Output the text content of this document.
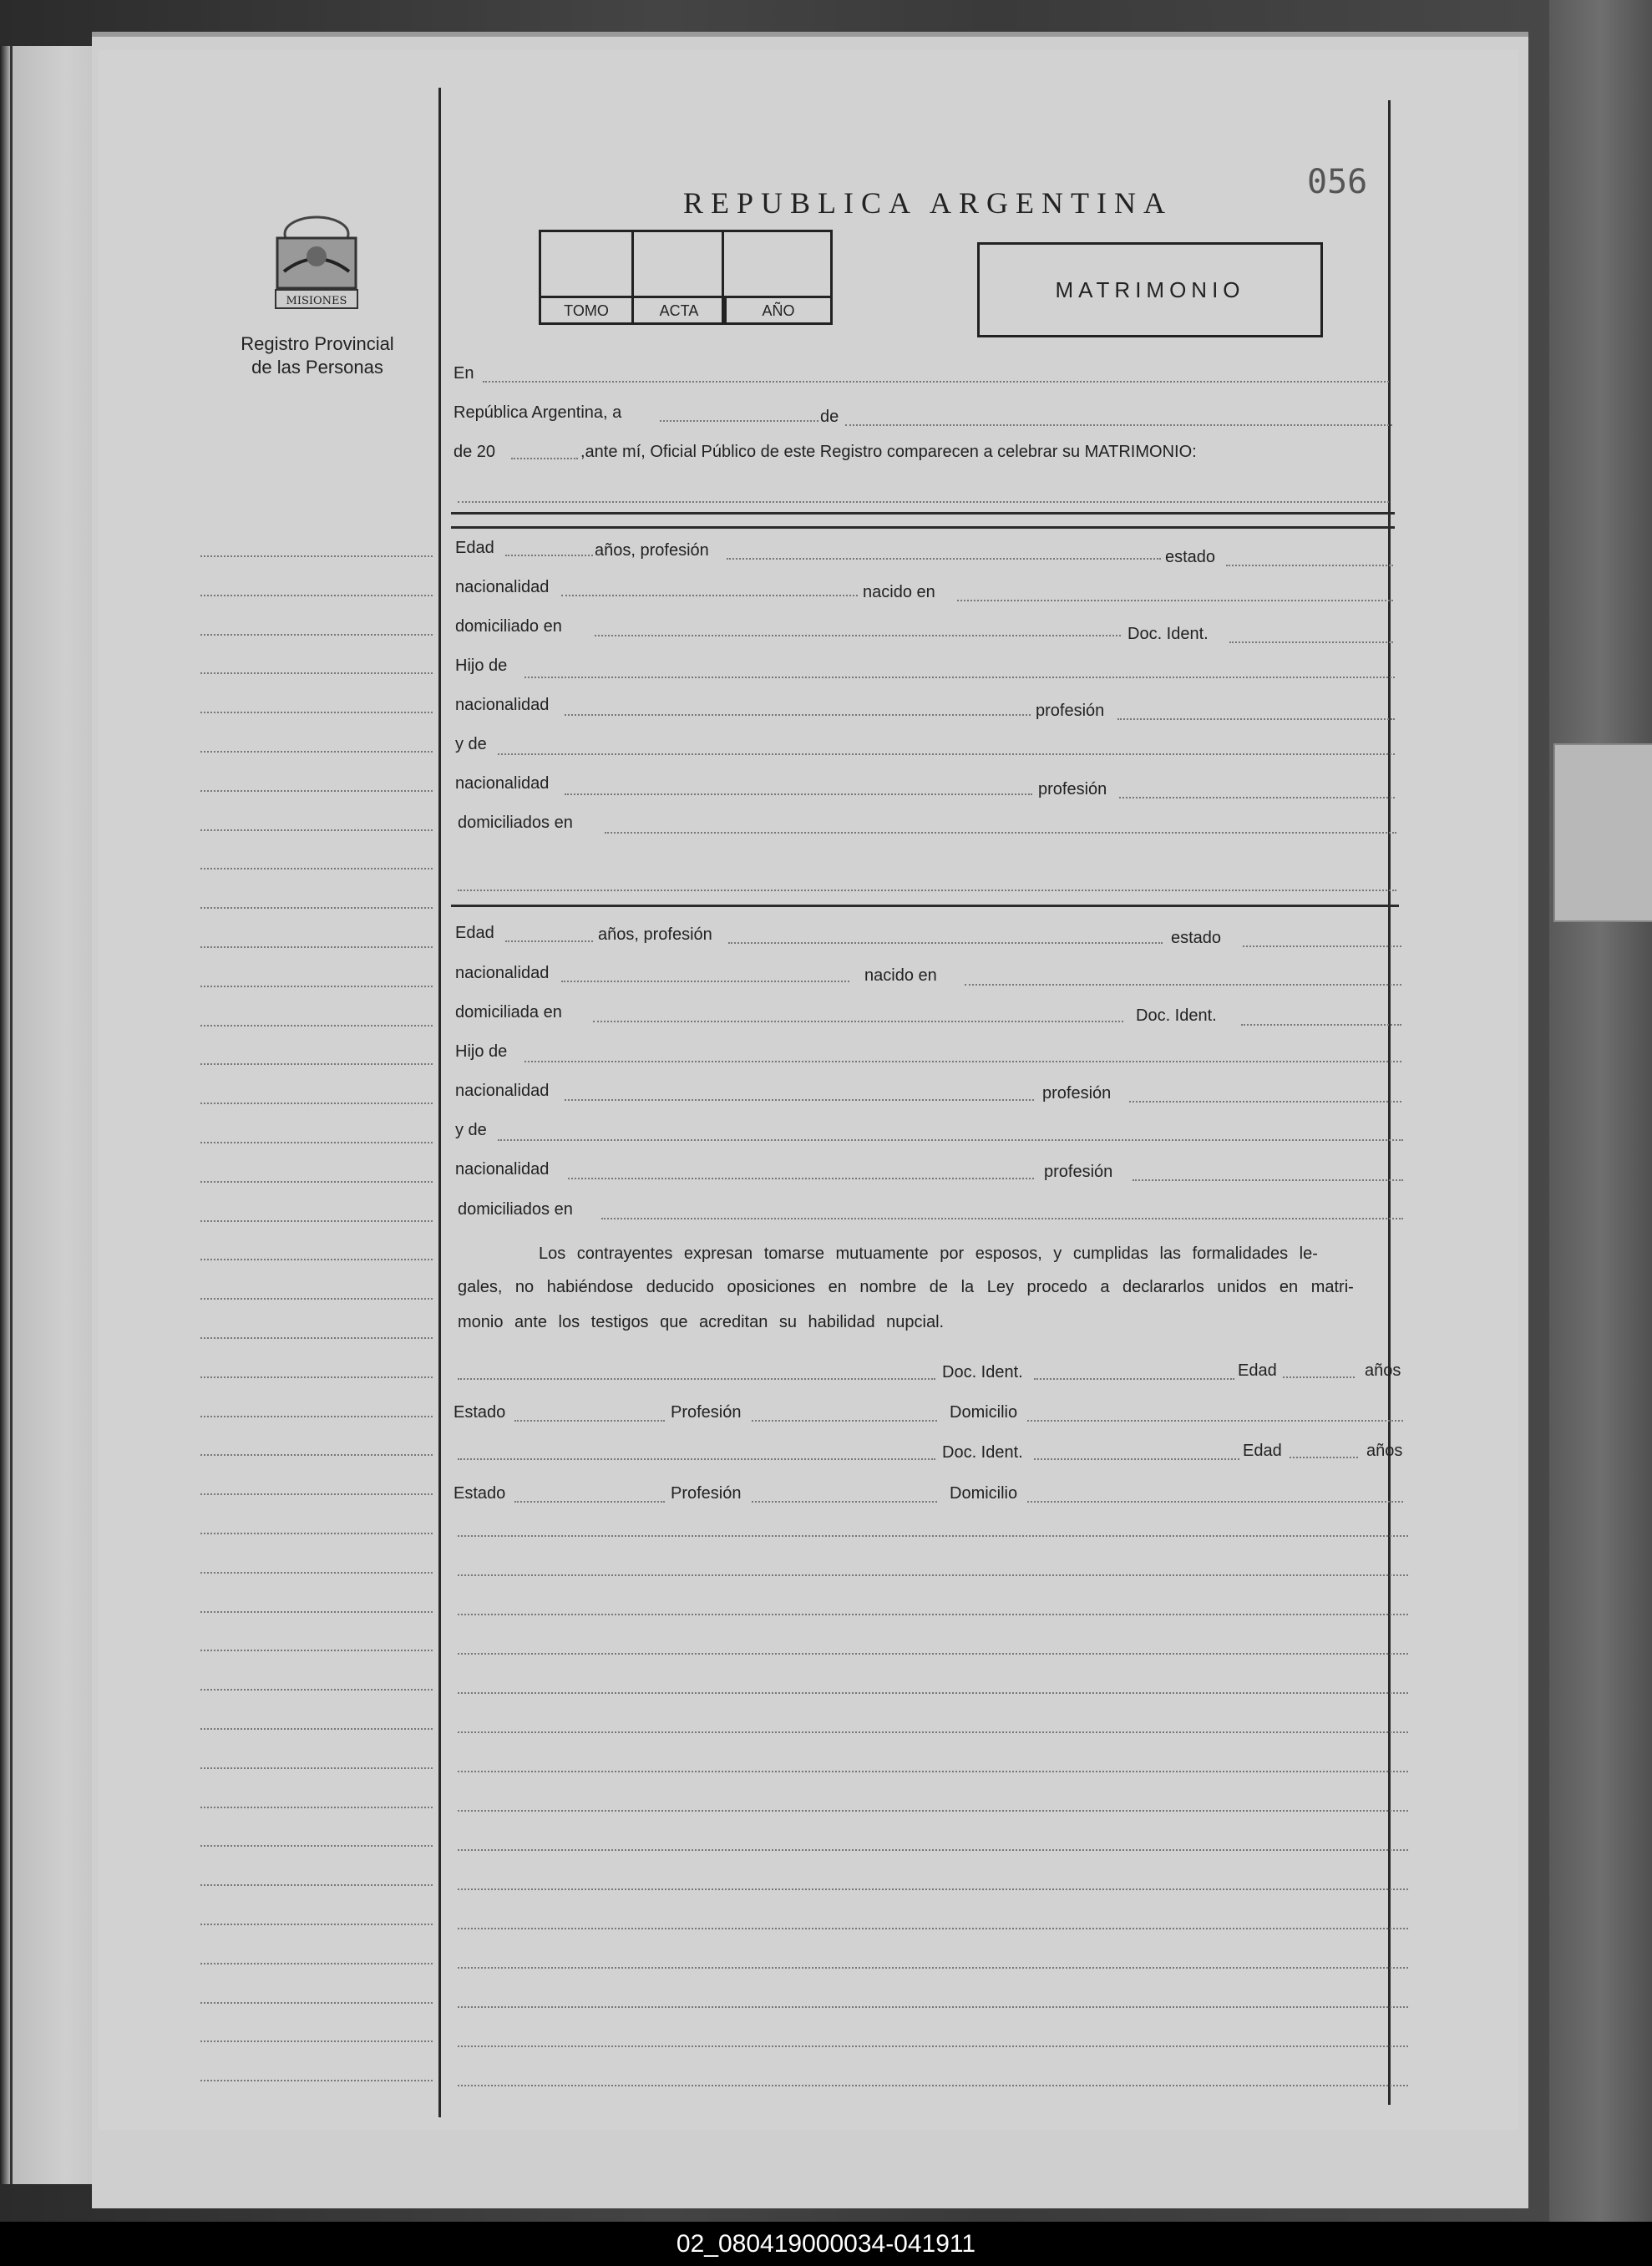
MISIONES
Registro Provincial
de las Personas
REPUBLICA ARGENTINA
056
TOMO	ACTA	AÑO
MATRIMONIO
En
República Argentina, a	de
de 20	,ante mí, Oficial Público de este Registro comparecen a celebrar su MATRIMONIO:
Edad	años, profesión	estado
nacionalidad	nacido en
domiciliado en	Doc. Ident.
Hijo de
nacionalidad	profesión
y de
nacionalidad	profesión
domiciliados en
Edad	años, profesión	estado
nacionalidad	nacido en
domiciliada en	Doc. Ident.
Hijo de
nacionalidad	profesión
y de
nacionalidad	profesión
domiciliados en
Los contrayentes expresan tomarse mutuamente por esposos, y cumplidas las formalidades le-
gales, no habiéndose deducido oposiciones en nombre de la Ley procedo a declararlos unidos en matri-
monio ante los testigos que acreditan su habilidad nupcial.
Doc. Ident.	Edad	años
Estado	Profesión	Domicilio
Doc. Ident.	Edad	años
Estado	Profesión	Domicilio
02_080419000034-041911
